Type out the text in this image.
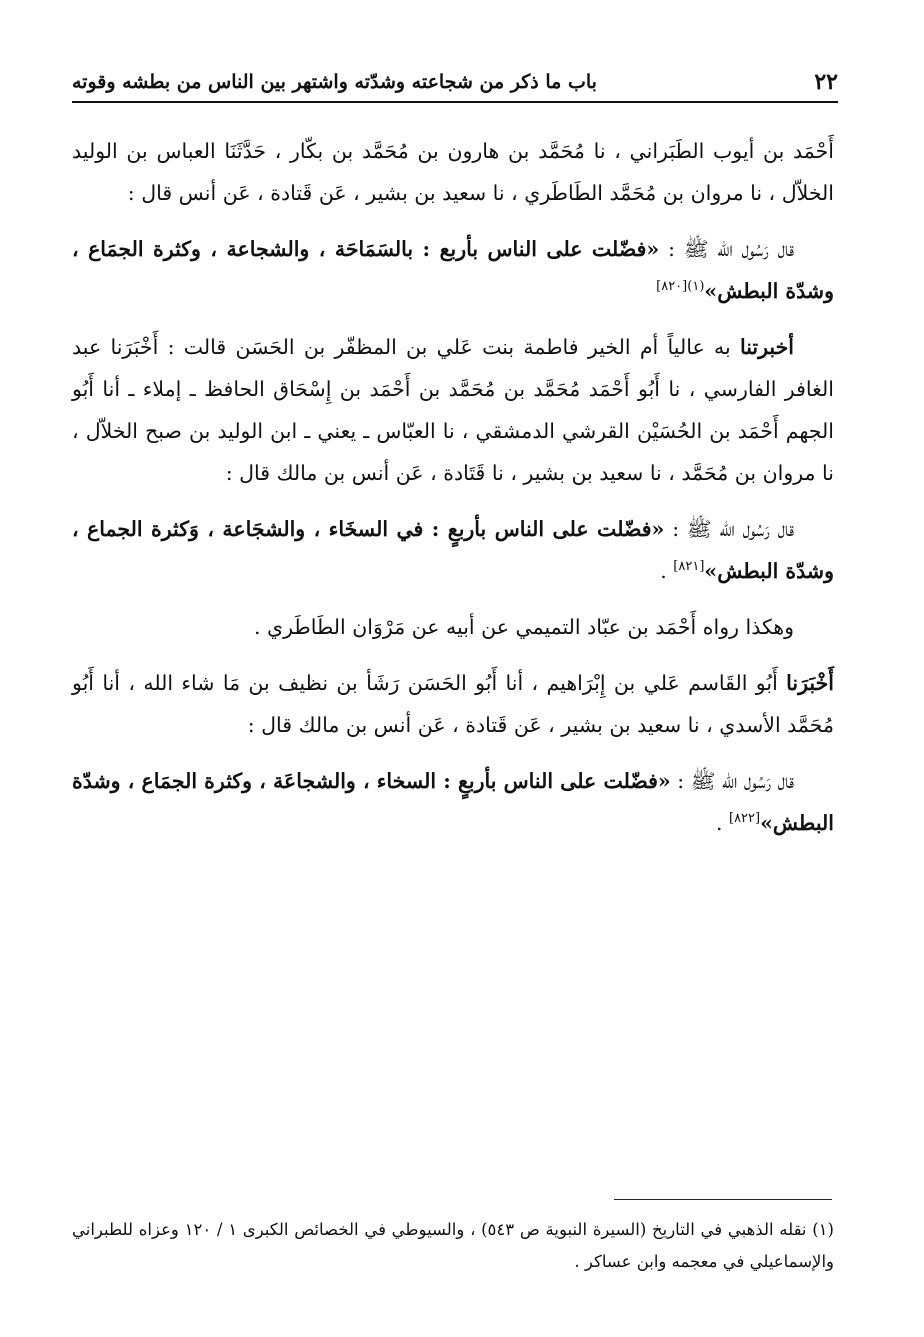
٢٢
باب ما ذكر من شجاعته وشدّته واشتهر بين الناس من بطشه وقوته

أَحْمَد بن أيوب الطَبَراني ، نا مُحَمَّد بن هارون بن مُحَمَّد بن بكّار ، حَدَّثَنَا العباس بن الوليد الخلاّل ، نا مروان بن مُحَمَّد الطَاطَري ، نا سعيد بن بشير ، عَن قَتادة ، عَن أنس قال :

قال رَسُول الله ﷺ : «فضّلت على الناس بأربع : بالسَمَاحَة ، والشجاعة ، وكثرة الجمَاع ، وشدّة البطش»$^{(١)[٨٢٠]}$

أخبرتنا به عالياً أم الخير فاطمة بنت عَلي بن المظفّر بن الحَسَن قالت : أَخْبَرَنا عبد الغافر الفارسي ، نا أَبُو أَحْمَد مُحَمَّد بن مُحَمَّد بن أَحْمَد بن إِسْحَاق الحافظ ـ إملاء ـ أنا أَبُو الجهم أَحْمَد بن الحُسَيْن القرشي الدمشقي ، نا العبّاس ـ يعني ـ ابن الوليد بن صبح الخلاّل ، نا مروان بن مُحَمَّد ، نا سعيد بن بشير ، نا قَتَادة ، عَن أنس بن مالك قال :

قال رَسُول الله ﷺ : «فضّلت على الناس بأربعٍ : في السخَاء ، والشجَاعة ، وَكثرة الجماع ، وشدّة البطش»[٨٢١] .

وهكذا رواه أَحْمَد بن عبّاد التميمي عن أبيه عن مَرْوَان الطَاطَري .

أَخْبَرَنا أَبُو القَاسم عَلي بن إِبْرَاهيم ، أنا أَبُو الحَسَن رَشَأ بن نظيف بن مَا شاء الله ، أنا أَبُو مُحَمَّد الأسدي ، نا سعيد بن بشير ، عَن قَتادة ، عَن أنس بن مالك قال :

قال رَسُول الله ﷺ : «فضّلت على الناس بأربعٍ : السخاء ، والشجاعَة ، وكثرة الجمَاع ، وشدّة البطش»[٨٢٢] .

(١) نقله الذهبي في التاريخ (السيرة النبوية ص ٥٤٣) ، والسيوطي في الخصائص الكبرى ١ / ١٢٠ وعزاه للطبراني والإسماعيلي في معجمه وابن عساكر .
